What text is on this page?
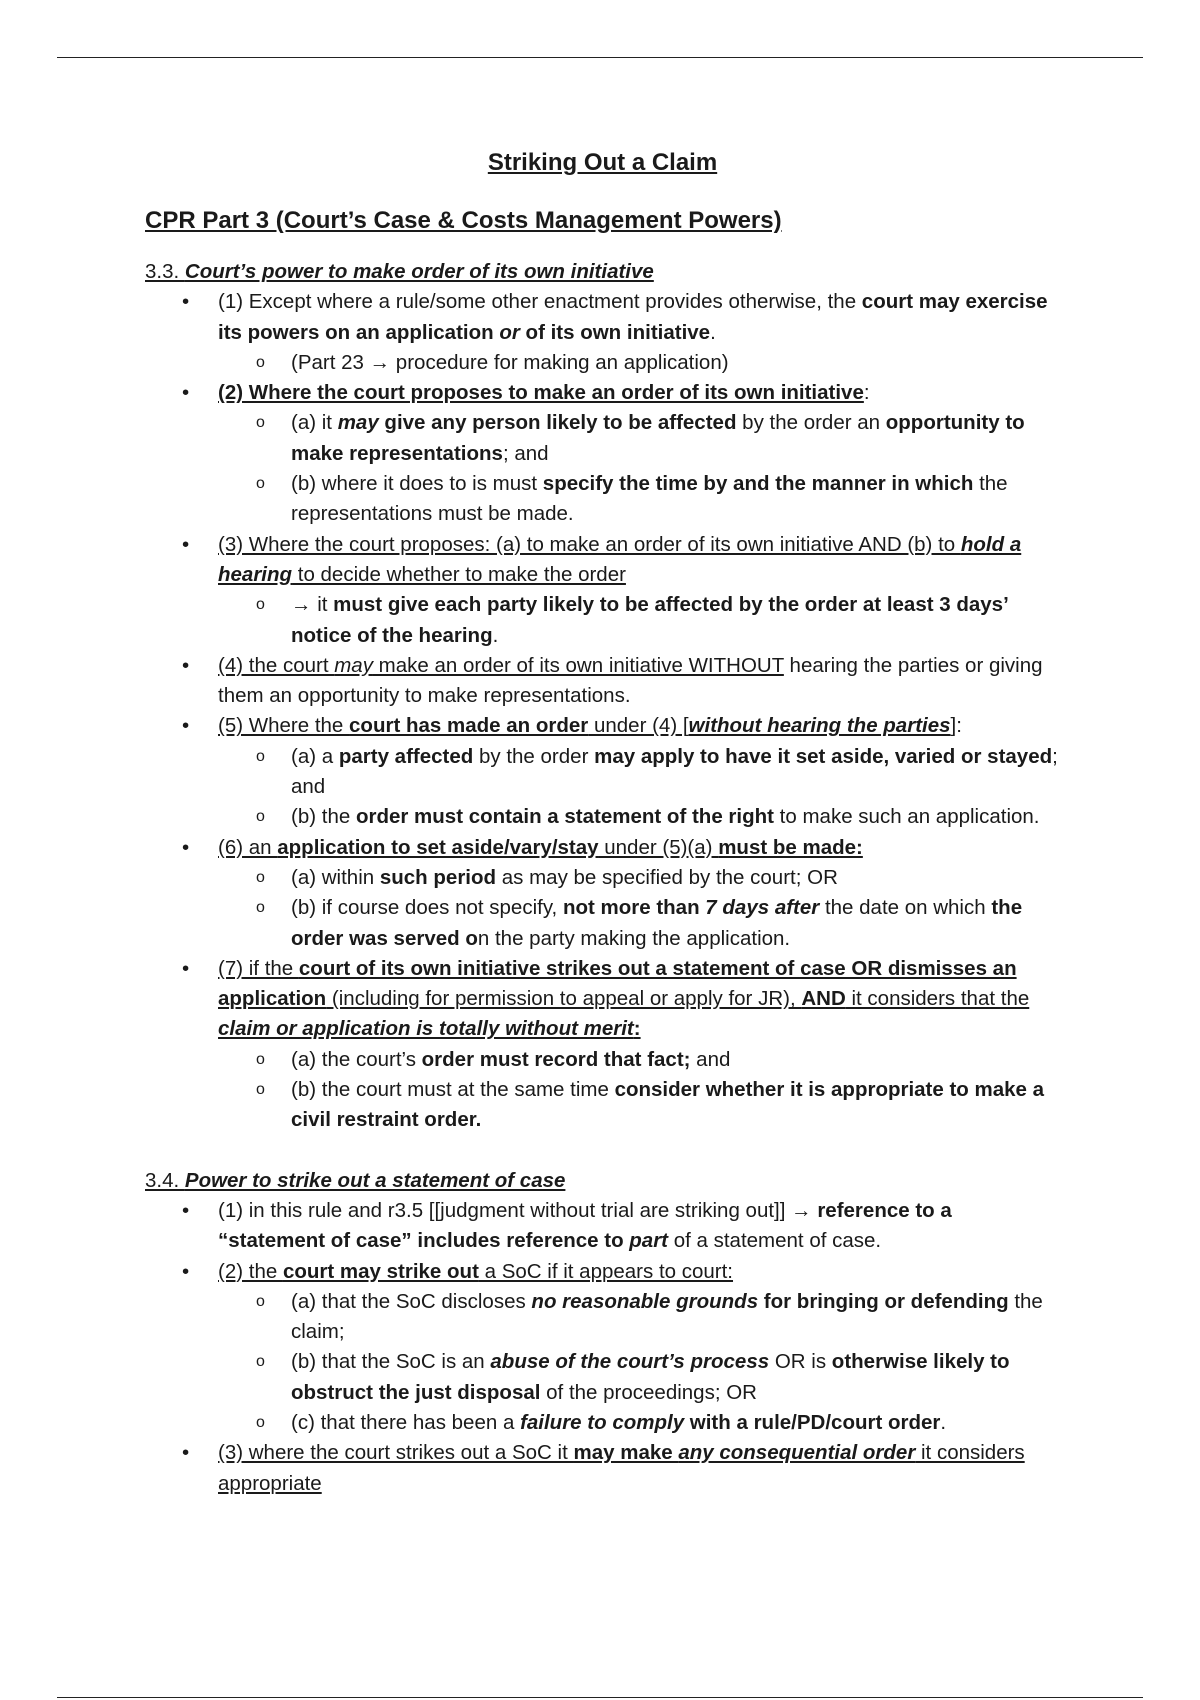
Striking Out a Claim
CPR Part 3 (Court’s Case & Costs Management Powers)
3.3. Court’s power to make order of its own initiative
• (1) Except where a rule/some other enactment provides otherwise, the court may exercise its powers on an application or of its own initiative.
o (Part 23 → procedure for making an application)
• (2) Where the court proposes to make an order of its own initiative:
o (a) it may give any person likely to be affected by the order an opportunity to make representations; and
o (b) where it does to is must specify the time by and the manner in which the representations must be made.
• (3) Where the court proposes: (a) to make an order of its own initiative AND (b) to hold a hearing to decide whether to make the order
o → it must give each party likely to be affected by the order at least 3 days’ notice of the hearing.
• (4) the court may make an order of its own initiative WITHOUT hearing the parties or giving them an opportunity to make representations.
• (5) Where the court has made an order under (4) [without hearing the parties]:
o (a) a party affected by the order may apply to have it set aside, varied or stayed; and
o (b) the order must contain a statement of the right to make such an application.
• (6) an application to set aside/vary/stay under (5)(a) must be made:
o (a) within such period as may be specified by the court; OR
o (b) if course does not specify, not more than 7 days after the date on which the order was served on the party making the application.
• (7) if the court of its own initiative strikes out a statement of case OR dismisses an application (including for permission to appeal or apply for JR), AND it considers that the claim or application is totally without merit:
o (a) the court’s order must record that fact; and
o (b) the court must at the same time consider whether it is appropriate to make a civil restraint order.
3.4. Power to strike out a statement of case
• (1) in this rule and r3.5 [[judgment without trial are striking out]] → reference to a “statement of case” includes reference to part of a statement of case.
• (2) the court may strike out a SoC if it appears to court:
o (a) that the SoC discloses no reasonable grounds for bringing or defending the claim;
o (b) that the SoC is an abuse of the court’s process OR is otherwise likely to obstruct the just disposal of the proceedings; OR
o (c) that there has been a failure to comply with a rule/PD/court order.
• (3) where the court strikes out a SoC it may make any consequential order it considers appropriate
